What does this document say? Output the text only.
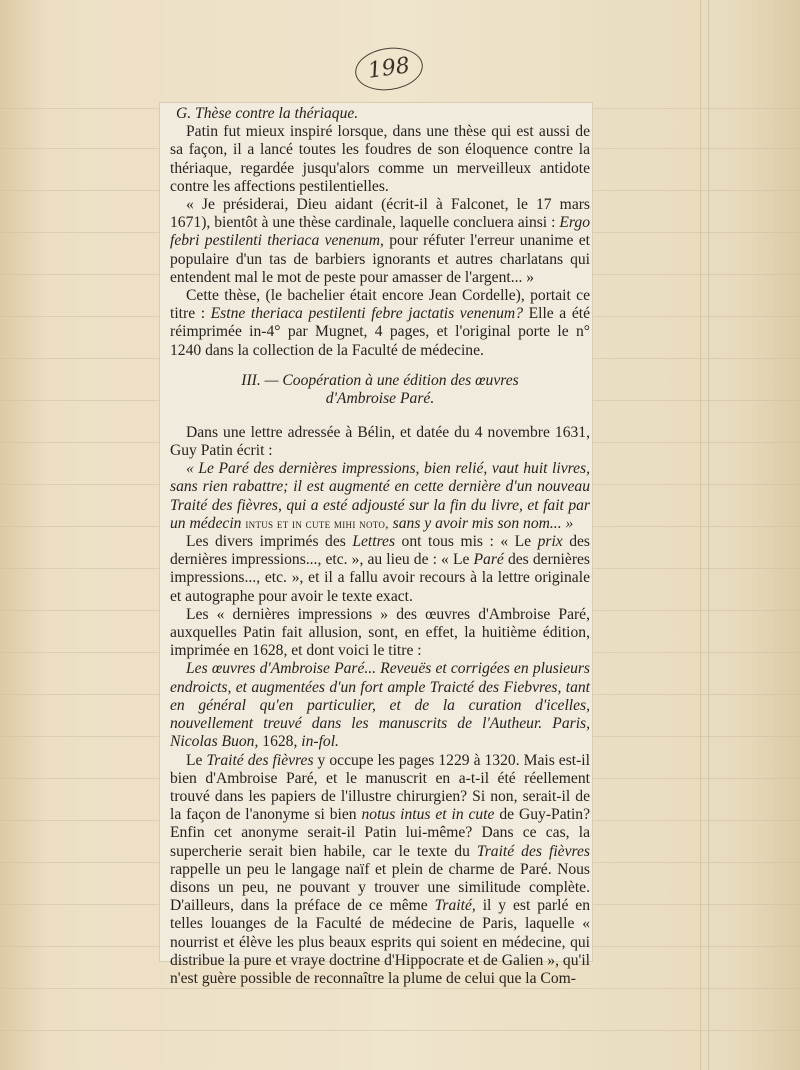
198

G. Thèse contre la thériaque.

Patin fut mieux inspiré lorsque, dans une thèse qui est aussi de sa façon, il a lancé toutes les foudres de son éloquence contre la thériaque, regardée jusqu'alors comme un merveilleux antidote contre les affections pestilentielles.

« Je présiderai, Dieu aidant (écrit-il à Falconet, le 17 mars 1671), bientôt à une thèse cardinale, laquelle concluera ainsi : Ergo febri pestilenti theriaca venenum, pour réfuter l'erreur unanime et populaire d'un tas de barbiers ignorants et autres charlatans qui entendent mal le mot de peste pour amasser de l'argent... »

Cette thèse, (le bachelier était encore Jean Cordelle), portait ce titre : Estne theriaca pestilenti febre jactatis venenum? Elle a été réimprimée in-4° par Mugnet, 4 pages, et l'original porte le n° 1240 dans la collection de la Faculté de médecine.

III. — Coopération à une édition des œuvres
d'Ambroise Paré.

Dans une lettre adressée à Bélin, et datée du 4 novembre 1631, Guy Patin écrit :

« Le Paré des dernières impressions, bien relié, vaut huit livres, sans rien rabattre; il est augmenté en cette dernière d'un nouveau Traité des fièvres, qui a esté adjousté sur la fin du livre, et fait par un médecin intus et in cute mihi noto, sans y avoir mis son nom... »

Les divers imprimés des Lettres ont tous mis : « Le prix des dernières impressions..., etc. », au lieu de : « Le Paré des dernières impressions..., etc. », et il a fallu avoir recours à la lettre originale et autographe pour avoir le texte exact.

Les « dernières impressions » des œuvres d'Ambroise Paré, auxquelles Patin fait allusion, sont, en effet, la huitième édition, imprimée en 1628, et dont voici le titre :

Les œuvres d'Ambroise Paré... Reveuës et corrigées en plusieurs endroicts, et augmentées d'un fort ample Traicté des Fiebvres, tant en général qu'en particulier, et de la curation d'icelles, nouvellement treuvé dans les manuscrits de l'Autheur. Paris, Nicolas Buon, 1628, in-fol.

Le Traité des fièvres y occupe les pages 1229 à 1320. Mais est-il bien d'Ambroise Paré, et le manuscrit en a-t-il été réellement trouvé dans les papiers de l'illustre chirurgien? Si non, serait-il de la façon de l'anonyme si bien notus intus et in cute de Guy-Patin? Enfin cet anonyme serait-il Patin lui-même? Dans ce cas, la supercherie serait bien habile, car le texte du Traité des fièvres rappelle un peu le langage naïf et plein de charme de Paré. Nous disons un peu, ne pouvant y trouver une similitude complète. D'ailleurs, dans la préface de ce même Traité, il y est parlé en telles louanges de la Faculté de médecine de Paris, laquelle « nourrist et élève les plus beaux esprits qui soient en médecine, qui distribue la pure et vraye doctrine d'Hippocrate et de Galien », qu'il n'est guère possible de reconnaître la plume de celui que la Com-
